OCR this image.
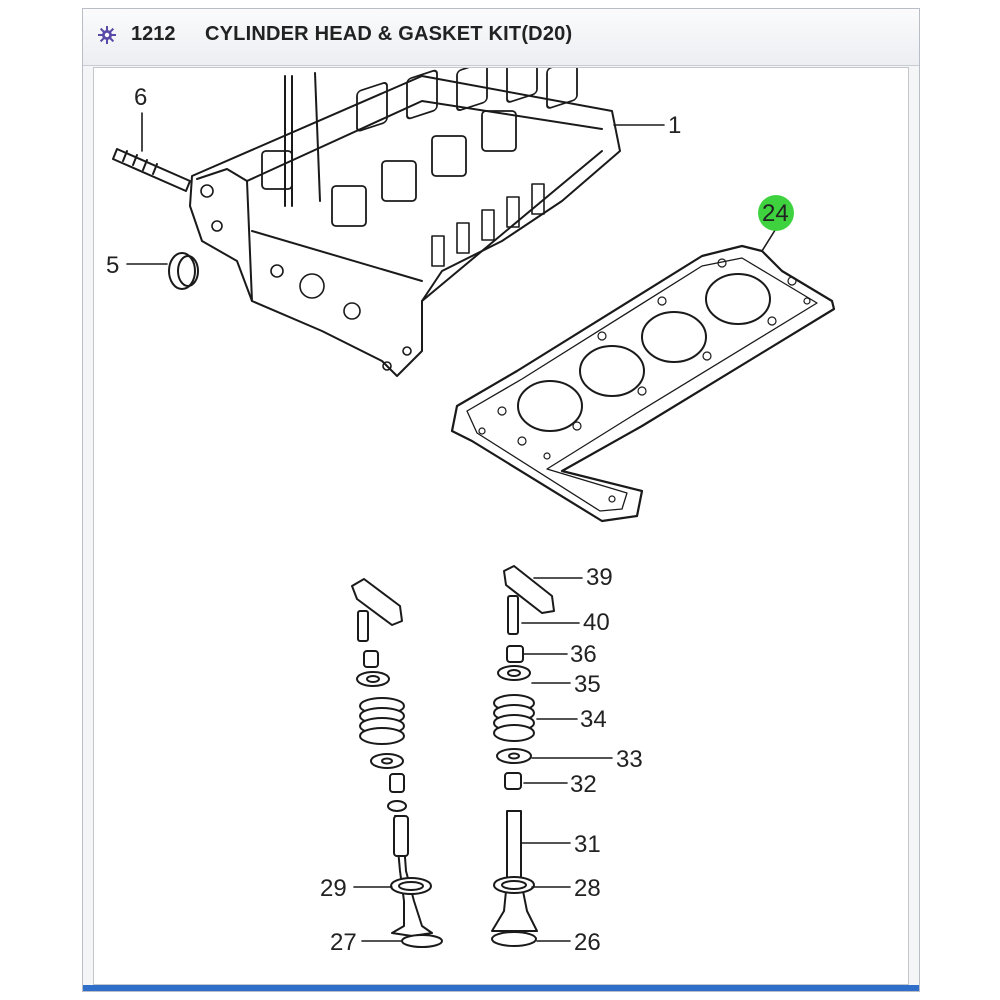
1212 CYLINDER HEAD & GASKET KIT(D20)
6
5
1
24
39
40
36
35
34
33
32
31
28
26
29
27
